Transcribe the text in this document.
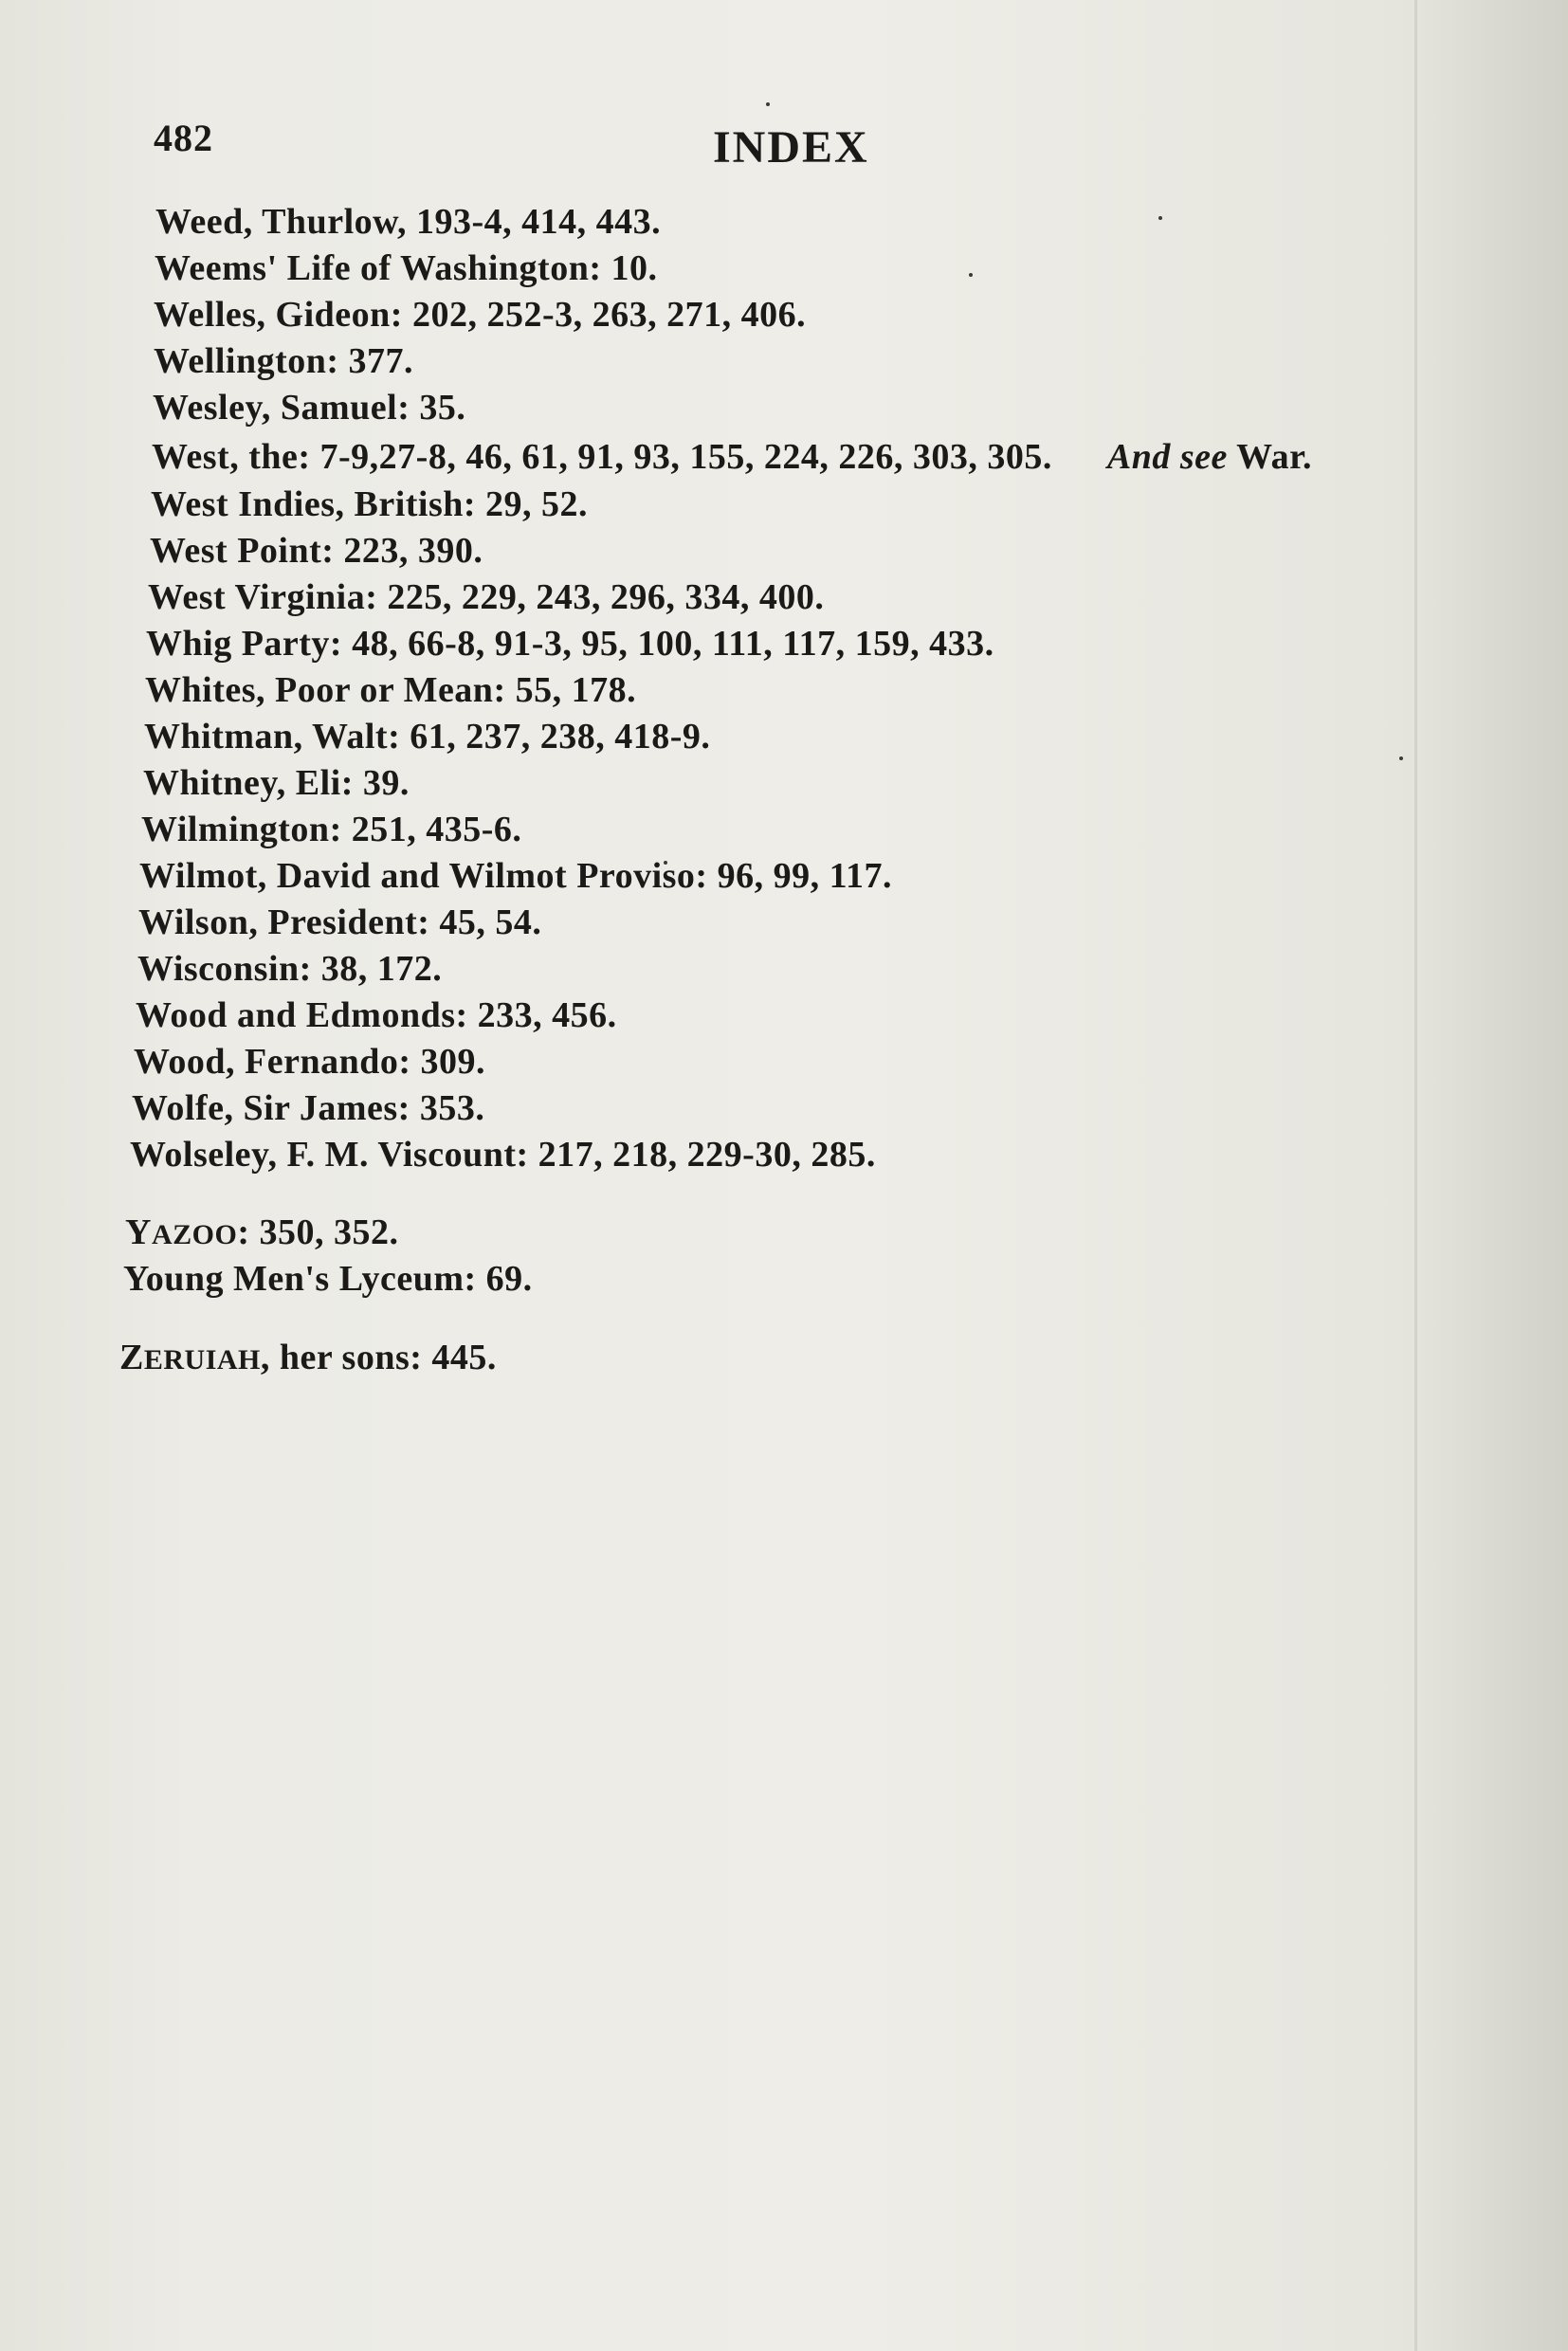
482	INDEX
Weed, Thurlow, 193-4, 414, 443.
Weems' Life of Washington: 10.
Welles, Gideon: 202, 252-3, 263, 271, 406.
Wellington: 377.
Wesley, Samuel: 35.
West, the: 7-9,27-8, 46, 61, 91, 93, 155, 224, 226, 303, 305. And see War.
West Indies, British: 29, 52.
West Point: 223, 390.
West Virginia: 225, 229, 243, 296, 334, 400.
Whig Party: 48, 66-8, 91-3, 95, 100, 111, 117, 159, 433.
Whites, Poor or Mean: 55, 178.
Whitman, Walt: 61, 237, 238, 418-9.
Whitney, Eli: 39.
Wilmington: 251, 435-6.
Wilmot, David and Wilmot Proviso: 96, 99, 117.
Wilson, President: 45, 54.
Wisconsin: 38, 172.
Wood and Edmonds: 233, 456.
Wood, Fernando: 309.
Wolfe, Sir James: 353.
Wolseley, F. M. Viscount: 217, 218, 229-30, 285.
YAZOO: 350, 352.
Young Men's Lyceum: 69.
ZERUIAH, her sons: 445.
